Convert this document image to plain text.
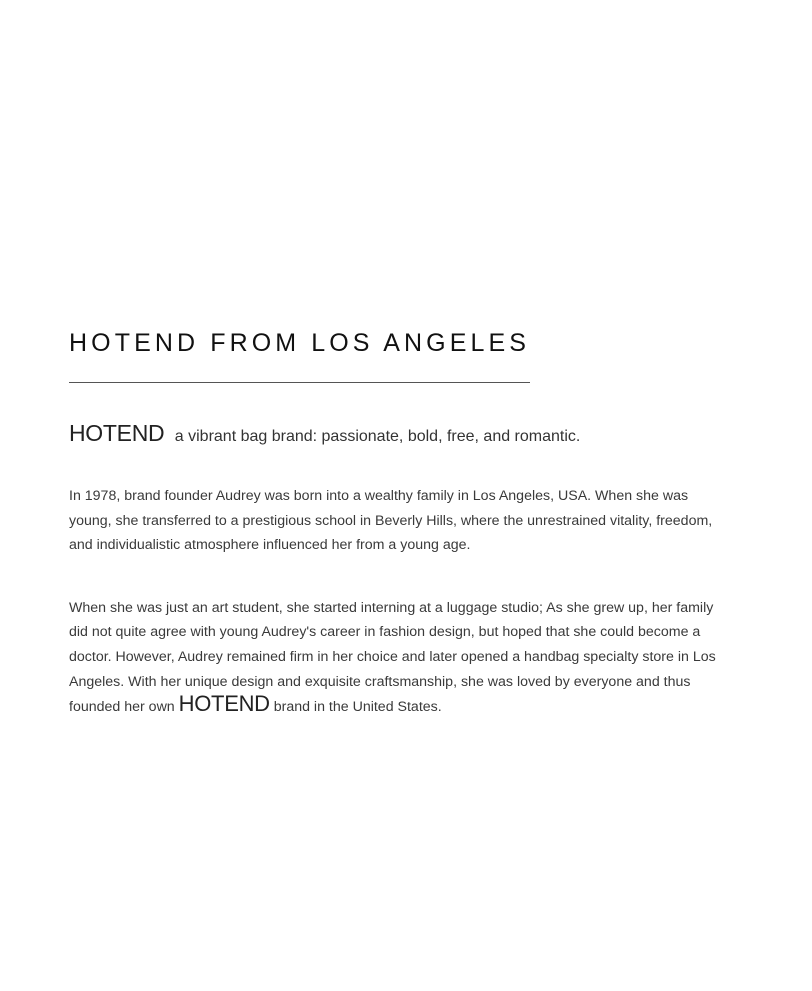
HOTEND FROM LOS ANGELES
HOTEND a vibrant bag brand: passionate, bold, free, and romantic.

In 1978, brand founder Audrey was born into a wealthy family in Los Angeles, USA. When she was young, she transferred to a prestigious school in Beverly Hills, where the unrestrained vitality, freedom, and individualistic atmosphere influenced her from a young age.

When she was just an art student, she started interning at a luggage studio; As she grew up, her family did not quite agree with young Audrey's career in fashion design, but hoped that she could become a doctor. However, Audrey remained firm in her choice and later opened a handbag specialty store in Los Angeles. With her unique design and exquisite craftsmanship, she was loved by everyone and thus founded her own HOTEND brand in the United States.
